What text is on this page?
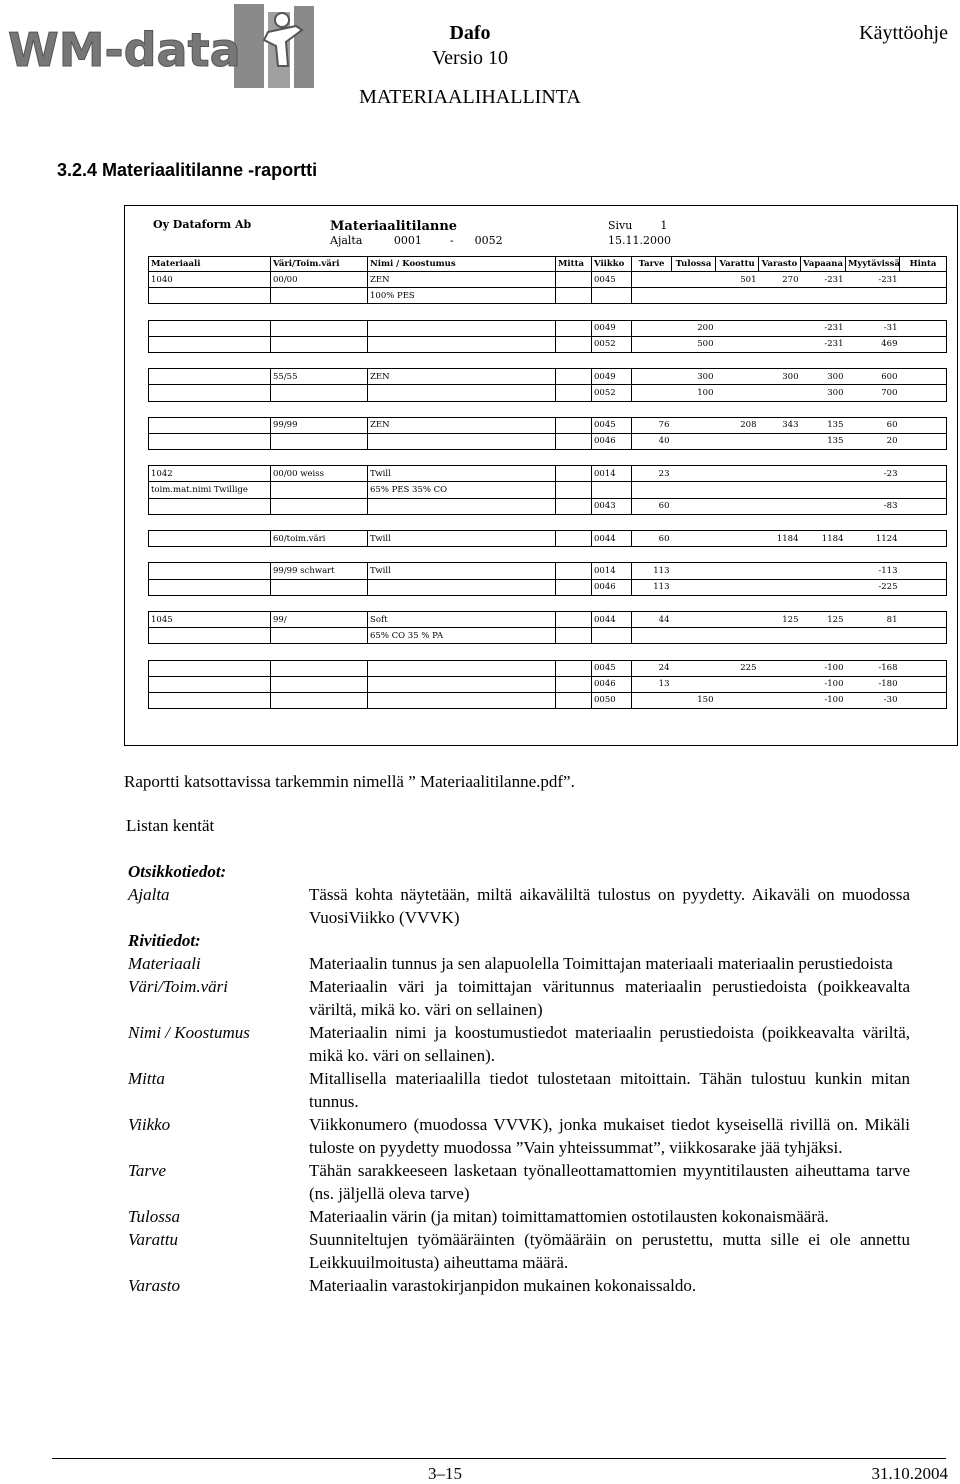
WM-data	Dafo
Versio 10
MATERIAALIHALLINTA
Käyttöohje
3.2.4 Materiaalitilanne -raportti
Oy Dataform Ab	Materiaalitilanne
Ajalta	0001	- 0052
Sivu	1
15.11.2000
Materiaali	Väri/Toim.väri	Nimi / Koostumus	Mitta	Viikko	Tarve	Tulossa	Varattu	Varasto	Vapaana	Myytävissä	Hinta
1040	00/00	ZEN		0045			501	270	-231	-231	
		100% PES									

				0049		200			-231	-31	
				0052		500			-231	469	

	55/55	ZEN		0049		300		300	300	600	
				0052		100			300	700	

	99/99	ZEN		0045	76		208	343	135	60	
				0046	40				135	20	

1042	00/00 weiss	Twill		0014	23					-23	
toim.mat.nimi Twillige		65% PES 35% CO									
				0043	60					-83	

	60/toim.väri	Twill		0044	60			1184	1184	1124	

	99/99 schwart	Twill		0014	113					-113	
				0046	113					-225	

1045	99/	Soft		0044	44			125	125	81	
		65% CO 35 % PA									

				0045	24		225		-100	-168	
				0046	13				-100	-180	
				0050		150			-100	-30	
Raportti katsottavissa tarkemmin nimellä ” Materiaalitilanne.pdf”.
Listan kentät
Otsikkotiedot:
Ajalta	Tässä kohta näytetään, miltä aikaväliltä tulostus on pyydetty. Aikaväli on muodossa VuosiViikko (VVVK)
Rivitiedot:
Materiaali	Materiaalin tunnus ja sen alapuolella Toimittajan materiaali materiaalin perustiedoista
Väri/Toim.väri	Materiaalin väri ja toimittajan väritunnus materiaalin perustiedoista (poikkeavalta väriltä, mikä ko. väri on sellainen)
Nimi / Koostumus	Materiaalin nimi ja koostumustiedot materiaalin perustiedoista (poikkeavalta väriltä, mikä ko. väri on sellainen).
Mitta	Mitallisella materiaalilla tiedot tulostetaan mitoittain. Tähän tulostuu kunkin mitan tunnus.
Viikko	Viikkonumero (muodossa VVVK), jonka mukaiset tiedot kyseisellä rivillä on. Mikäli tuloste on pyydetty muodossa ”Vain yhteissummat”, viikkosarake jää tyhjäksi.
Tarve	Tähän sarakkeeseen lasketaan työnalleottamattomien myyntitilausten aiheuttama tarve (ns. jäljellä oleva tarve)
Tulossa	Materiaalin värin (ja mitan) toimittamattomien ostotilausten kokonaismäärä.
Varattu	Suunniteltujen työmääräinten (työmääräin on perustettu, mutta sille ei ole annettu Leikkuuilmoitusta) aiheuttama määrä.
Varasto	Materiaalin varastokirjanpidon mukainen kokonaissaldo.
3–15	31.10.2004
